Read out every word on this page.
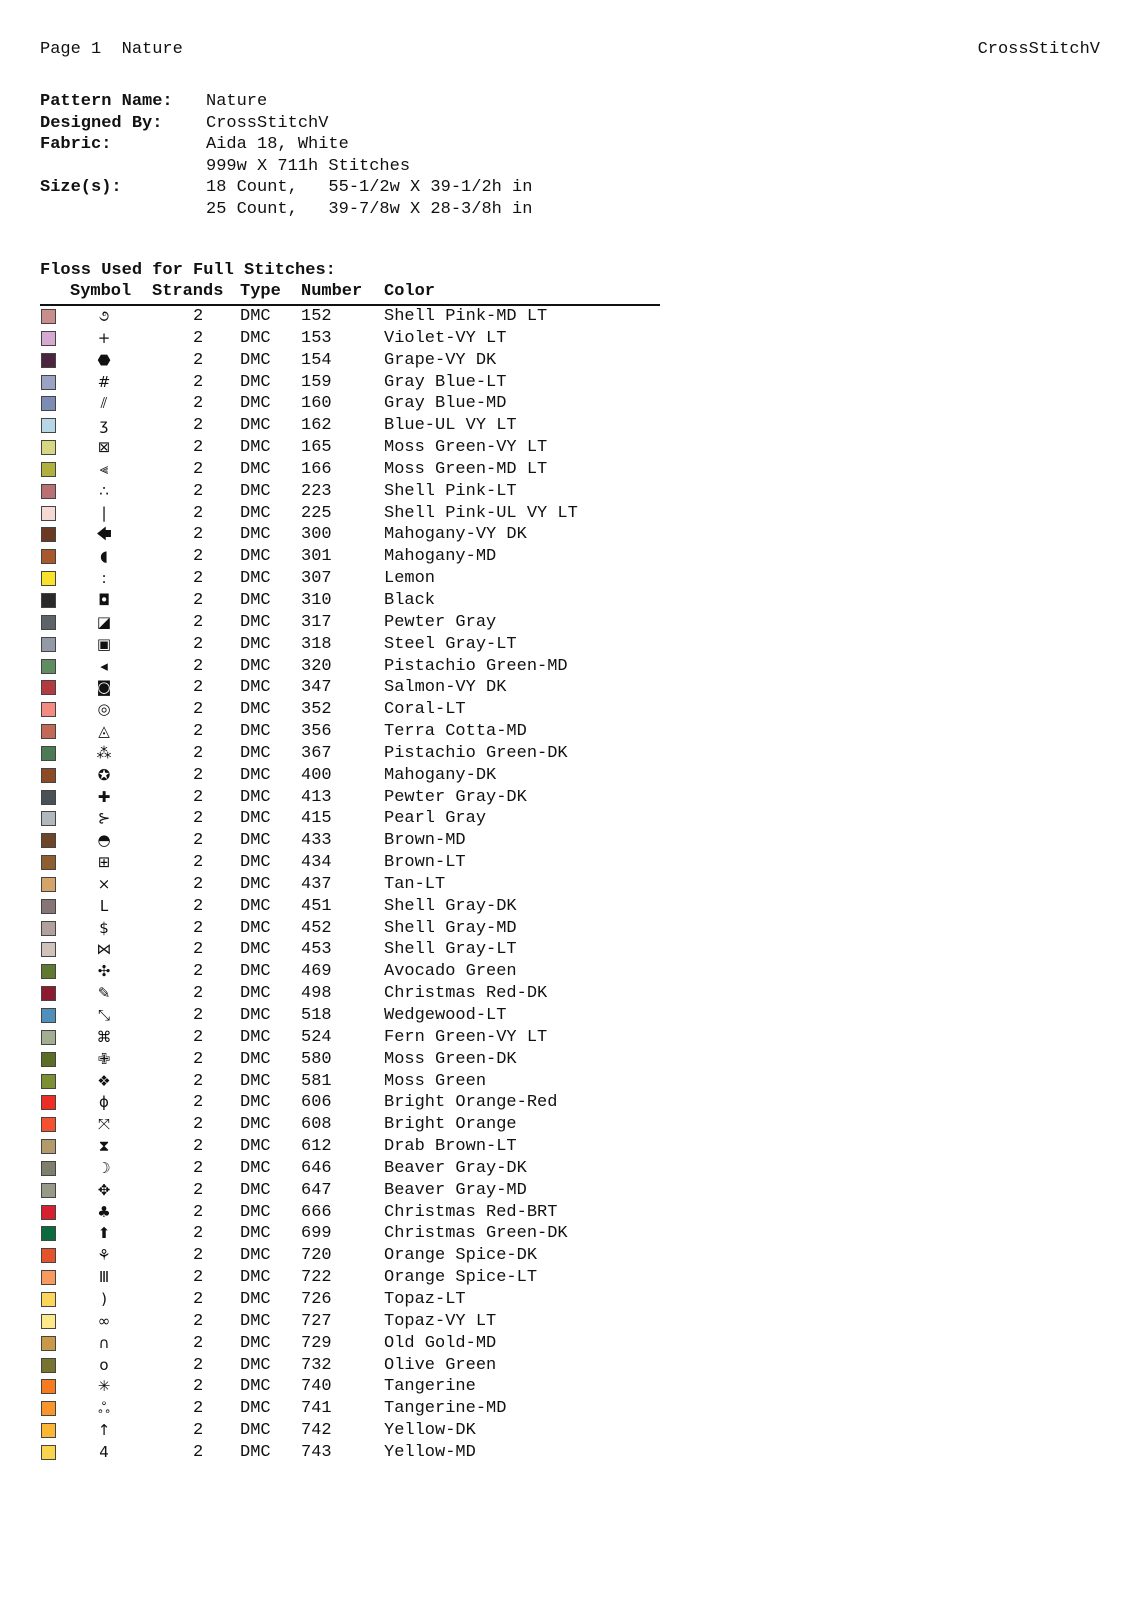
Page 1  Nature	CrossStitchV
Pattern Name:	Nature
Designed By:	CrossStitchV
Fabric:	Aida 18, White
999w X 711h Stitches
Size(s):	18 Count,   55-1/2w X 39-1/2h in
25 Count,   39-7/8w X 28-3/8h in
Floss Used for Full Stitches:
Symbol Strands Type Number Color
૭	2 DMC 152	Shell Pink-MD LT
+	2 DMC 153	Violet-VY LT
⬣	2 DMC 154	Grape-VY DK
#	2 DMC 159	Gray Blue-LT
⫽	2 DMC 160	Gray Blue-MD
ʒ	2 DMC 162	Blue-UL VY LT
⊠	2 DMC 165	Moss Green-VY LT
⫷	2 DMC 166	Moss Green-MD LT
∴	2 DMC 223	Shell Pink-LT
|	2 DMC 225	Shell Pink-UL VY LT
🡄	2 DMC 300	Mahogany-VY DK
◖	2 DMC 301	Mahogany-MD
:	2 DMC 307	Lemon
◘	2 DMC 310	Black
◪	2 DMC 317	Pewter Gray
▣	2 DMC 318	Steel Gray-LT
◂	2 DMC 320	Pistachio Green-MD
◙	2 DMC 347	Salmon-VY DK
◎	2 DMC 352	Coral-LT
◬	2 DMC 356	Terra Cotta-MD
⁂	2 DMC 367	Pistachio Green-DK
✪	2 DMC 400	Mahogany-DK
✚	2 DMC 413	Pewter Gray-DK
⊱	2 DMC 415	Pearl Gray
◓	2 DMC 433	Brown-MD
⊞	2 DMC 434	Brown-LT
×	2 DMC 437	Tan-LT
L	2 DMC 451	Shell Gray-DK
$	2 DMC 452	Shell Gray-MD
⋈	2 DMC 453	Shell Gray-LT
✣	2 DMC 469	Avocado Green
✎	2 DMC 498	Christmas Red-DK
⤡	2 DMC 518	Wedgewood-LT
⌘	2 DMC 524	Fern Green-VY LT
✙	2 DMC 580	Moss Green-DK
❖	2 DMC 581	Moss Green
ɸ	2 DMC 606	Bright Orange-Red
⤧	2 DMC 608	Bright Orange
⧗	2 DMC 612	Drab Brown-LT
☽	2 DMC 646	Beaver Gray-DK
✥	2 DMC 647	Beaver Gray-MD
♣	2 DMC 666	Christmas Red-BRT
⬆	2 DMC 699	Christmas Green-DK
⚘	2 DMC 720	Orange Spice-DK
Ⅲ	2 DMC 722	Orange Spice-LT
)	2 DMC 726	Topaz-LT
∞	2 DMC 727	Topaz-VY LT
∩	2 DMC 729	Old Gold-MD
o	2 DMC 732	Olive Green
✳	2 DMC 740	Tangerine
ஃ	2 DMC 741	Tangerine-MD
↑	2 DMC 742	Yellow-DK
4	2 DMC 743	Yellow-MD
